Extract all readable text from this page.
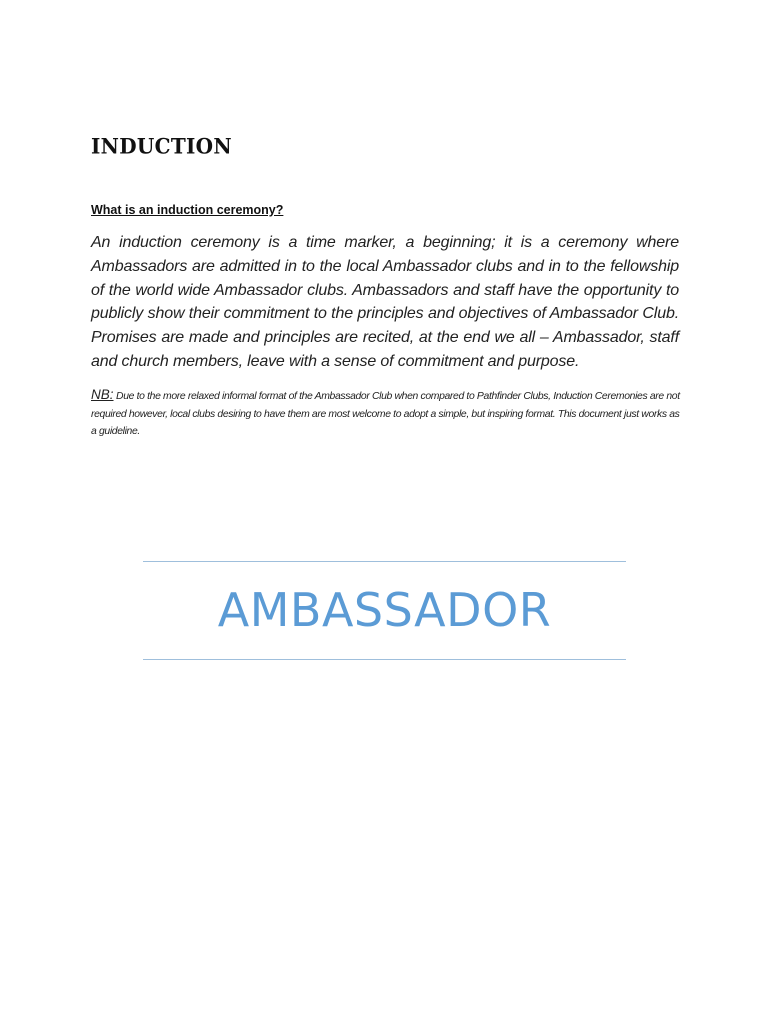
INDUCTION
What is an induction ceremony?
An induction ceremony is a time marker, a beginning; it is a ceremony where Ambassadors are admitted in to the local Ambassador clubs and in to the fellowship of the world wide Ambassador clubs. Ambassadors and staff have the opportunity to publicly show their commitment to the principles and objectives of Ambassador Club. Promises are made and principles are recited, at the end we all – Ambassador, staff and church members, leave with a sense of commitment and purpose.
NB: Due to the more relaxed informal format of the Ambassador Club when compared to Pathfinder Clubs, Induction Ceremonies are not required however, local clubs desiring to have them are most welcome to adopt a simple, but inspiring format. This document just works as a guideline.
AMBASSADOR
